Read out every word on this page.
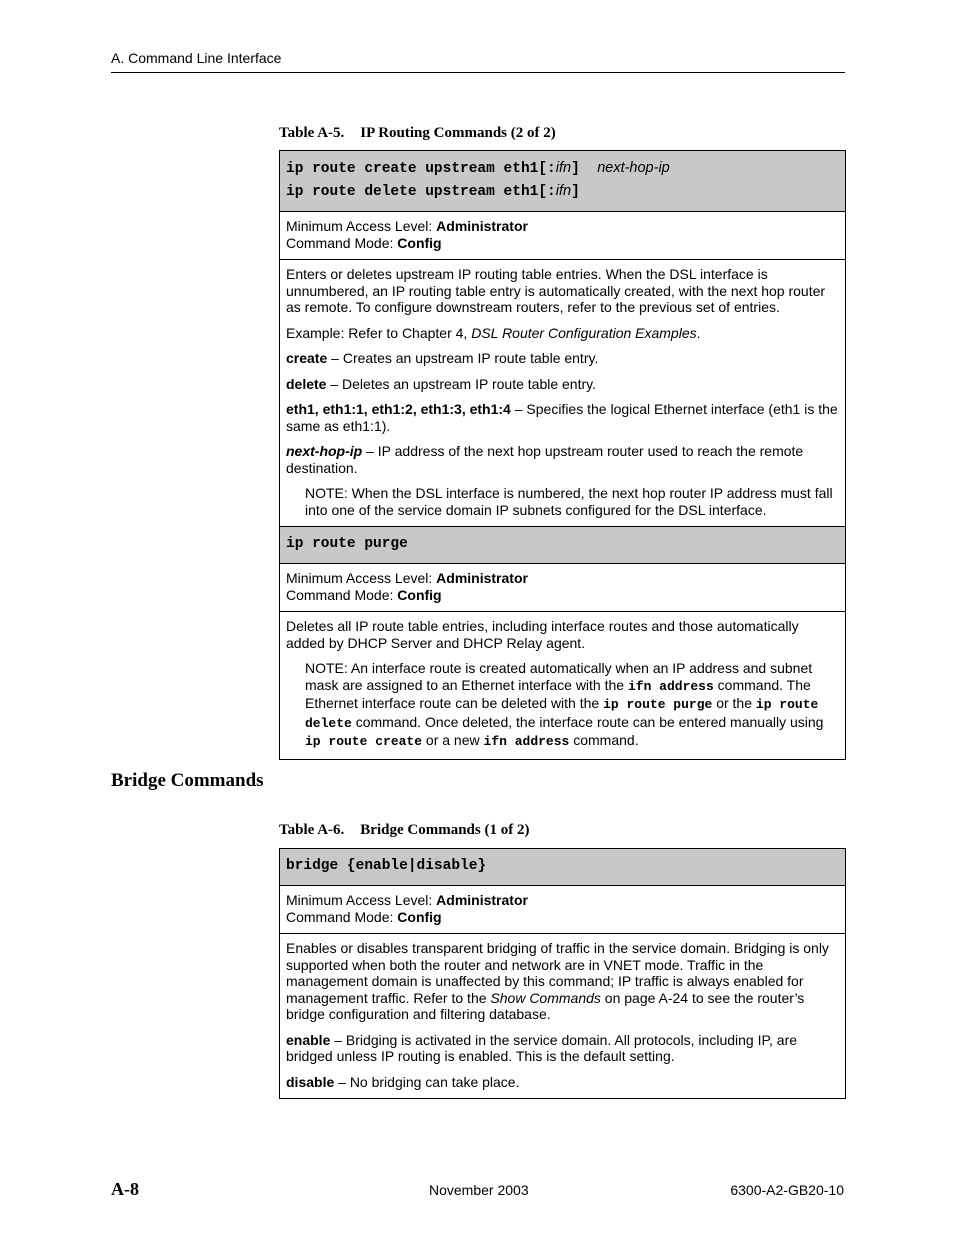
A. Command Line Interface
Table A-5. IP Routing Commands (2 of 2)
ip route create upstream eth1[:ifn] next-hop-ip
ip route delete upstream eth1[:ifn]

Minimum Access Level: Administrator
Command Mode: Config

Enters or deletes upstream IP routing table entries. When the DSL interface is unnumbered, an IP routing table entry is automatically created, with the next hop router as remote. To configure downstream routers, refer to the previous set of entries.

Example: Refer to Chapter 4, DSL Router Configuration Examples.

create – Creates an upstream IP route table entry.

delete – Deletes an upstream IP route table entry.

eth1, eth1:1, eth1:2, eth1:3, eth1:4 – Specifies the logical Ethernet interface (eth1 is the same as eth1:1).

next-hop-ip – IP address of the next hop upstream router used to reach the remote destination.

NOTE: When the DSL interface is numbered, the next hop router IP address must fall into one of the service domain IP subnets configured for the DSL interface.

ip route purge

Minimum Access Level: Administrator
Command Mode: Config

Deletes all IP route table entries, including interface routes and those automatically added by DHCP Server and DHCP Relay agent.

NOTE: An interface route is created automatically when an IP address and subnet mask are assigned to an Ethernet interface with the ifn address command. The Ethernet interface route can be deleted with the ip route purge or the ip route delete command. Once deleted, the interface route can be entered manually using ip route create or a new ifn address command.

Bridge Commands
Table A-6. Bridge Commands (1 of 2)
bridge {enable|disable}

Minimum Access Level: Administrator
Command Mode: Config

Enables or disables transparent bridging of traffic in the service domain. Bridging is only supported when both the router and network are in VNET mode. Traffic in the management domain is unaffected by this command; IP traffic is always enabled for management traffic. Refer to the Show Commands on page A-24 to see the router’s bridge configuration and filtering database.

enable – Bridging is activated in the service domain. All protocols, including IP, are bridged unless IP routing is enabled. This is the default setting.

disable – No bridging can take place.

A-8	November 2003	6300-A2-GB20-10
